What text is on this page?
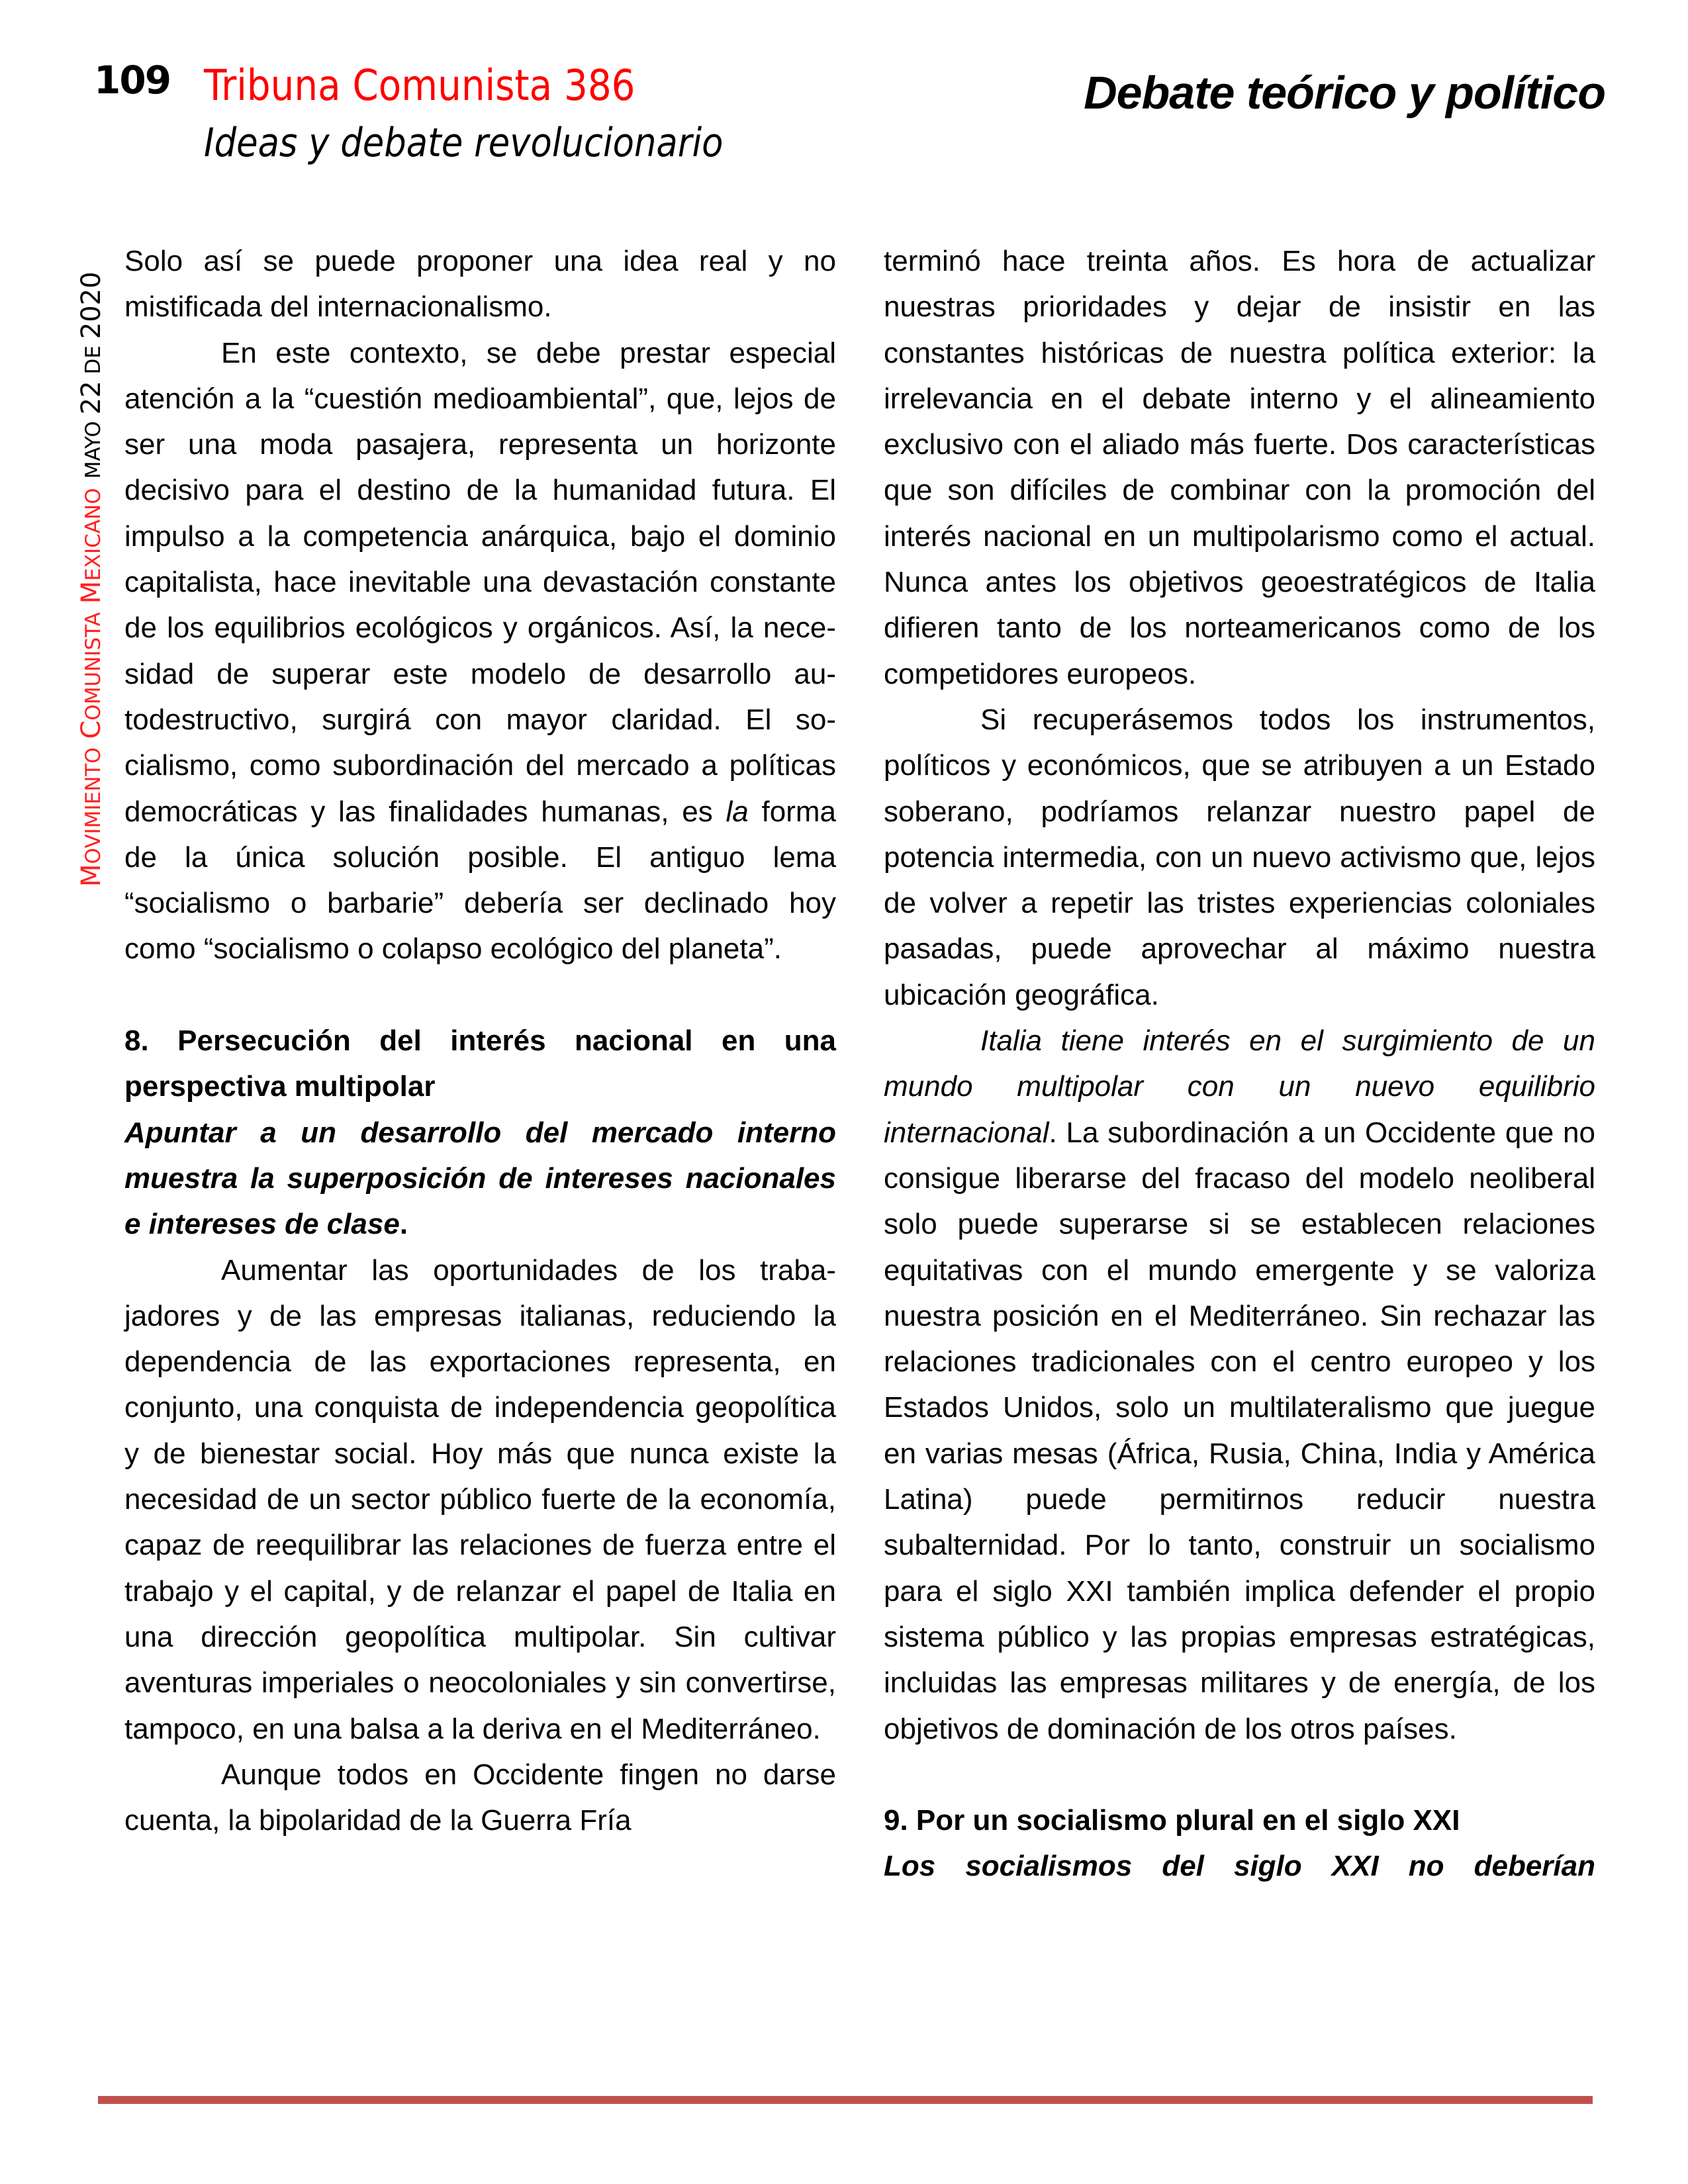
109 Tribuna Comunista 386
Ideas y debate revolucionario
Debate teórico y político
MOVIMIENTO COMUNISTA MEXICANOMAYO 22 DE 2020

Solo así se puede proponer una idea real y no mistificada del internacionalismo.

En este contexto, se debe prestar especial atención a la “cuestión medioambiental”, que, lejos de ser una moda pasajera, representa un horizonte decisivo para el destino de la humanidad futura. El impulso a la competencia anárquica, bajo el dominio capitalista, hace inevitable una devastación constante de los equilibrios ecológicos y orgánicos. Así, la necesidad de superar este modelo de desarrollo autodestructivo, surgirá con mayor claridad. El socialismo, como subordinación del mercado a políticas democráticas y las finalidades humanas, es la forma de la única solución posible. El antiguo lema “socialismo o barbarie” debería ser declinado hoy como “socialismo o colapso ecológico del planeta”.

8. Persecución del interés nacional en una perspectiva multipolar

Apuntar a un desarrollo del mercado interno muestra la superposición de intereses nacionales e intereses de clase.

Aumentar las oportunidades de los trabajadores y de las empresas italianas, reduciendo la dependencia de las exportaciones representa, en conjunto, una conquista de independencia geopolítica y de bienestar social. Hoy más que nunca existe la necesidad de un sector público fuerte de la economía, capaz de reequilibrar las relaciones de fuerza entre el trabajo y el capital, y de relanzar el papel de Italia en una dirección geopolítica multipolar. Sin cultivar aventuras imperiales o neocoloniales y sin convertirse, tampoco, en una balsa a la deriva en el Mediterráneo.

Aunque todos en Occidente fingen no darse cuenta, la bipolaridad de la Guerra Fría

terminó hace treinta años. Es hora de actualizar nuestras prioridades y dejar de insistir en las constantes históricas de nuestra política exterior: la irrelevancia en el debate interno y el alineamiento exclusivo con el aliado más fuerte. Dos características que son difíciles de combinar con la promoción del interés nacional en un multipolarismo como el actual. Nunca antes los objetivos geoestratégicos de Italia difieren tanto de los norteamericanos como de los competidores europeos.

Si recuperásemos todos los instrumentos, políticos y económicos, que se atribuyen a un Estado soberano, podríamos relanzar nuestro papel de potencia intermedia, con un nuevo activismo que, lejos de volver a repetir las tristes experiencias coloniales pasadas, puede aprovechar al máximo nuestra ubicación geográfica.

Italia tiene interés en el surgimiento de un mundo multipolar con un nuevo equilibrio internacional. La subordinación a un Occidente que no consigue liberarse del fracaso del modelo neoliberal solo puede superarse si se establecen relaciones equitativas con el mundo emergente y se valoriza nuestra posición en el Mediterráneo. Sin rechazar las relaciones tradicionales con el centro europeo y los Estados Unidos, solo un multilateralismo que juegue en varias mesas (África, Rusia, China, India y América Latina) puede permitirnos reducir nuestra subalternidad. Por lo tanto, construir un socialismo para el siglo XXI también implica defender el propio sistema público y las propias empresas estratégicas, incluidas las empresas militares y de energía, de los objetivos de dominación de los otros países.

9. Por un socialismo plural en el siglo XXI

Los socialismos del siglo XXI no deberían
